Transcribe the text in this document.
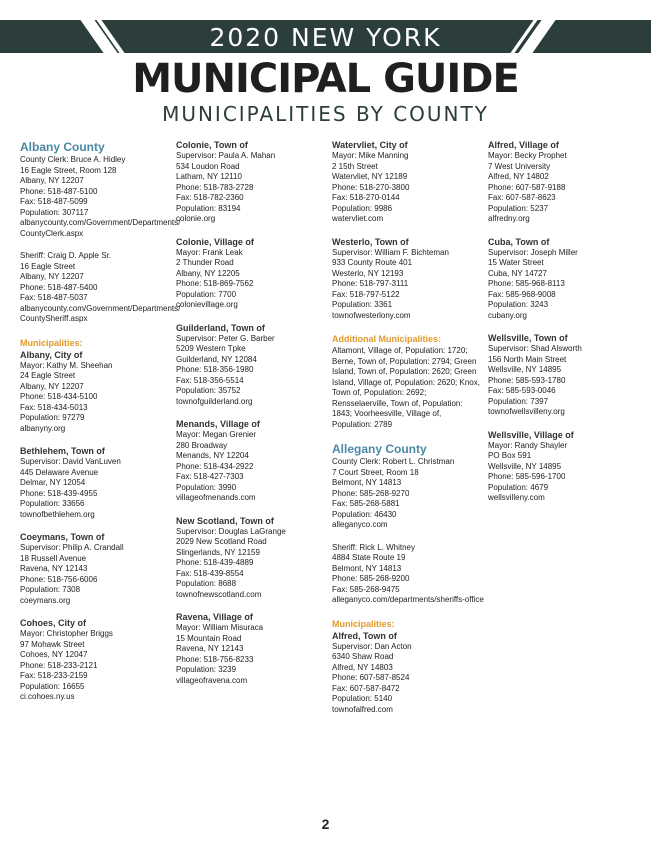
2020 NEW YORK
MUNICIPAL GUIDE
MUNICIPALITIES BY COUNTY
Albany County
County Clerk: Bruce A. Hidley
16 Eagle Street, Room 128
Albany, NY 12207
Phone: 518-487-5100
Fax: 518-487-5099
Population: 307117
albanycounty.com/Government/Departments/
CountyClerk.aspx
Sheriff: Craig D. Apple Sr.
16 Eagle Street
Albany, NY 12207
Phone: 518-487-5400
Fax: 518-487-5037
albanycounty.com/Government/Departments/
CountySheriff.aspx
Municipalities:
Albany, City of
Mayor: Kathy M. Sheehan
24 Eagle Street
Albany, NY 12207
Phone: 518-434-5100
Fax: 518-434-5013
Population: 97279
albanyny.org
Bethlehem, Town of
Supervisor: David VanLuven
445 Delaware Avenue
Delmar, NY 12054
Phone: 518-439-4955
Population: 33656
townofbethlehem.org
Coeymans, Town of
Supervisor: Philip A. Crandall
18 Russell Avenue
Ravena, NY 12143
Phone: 518-756-6006
Population: 7308
coeymans.org
Cohoes, City of
Mayor: Christopher Briggs
97 Mohawk Street
Cohoes, NY 12047
Phone: 518-233-2121
Fax: 518-233-2159
Population: 16655
ci.cohoes.ny.us
Colonie, Town of
Supervisor: Paula A. Mahan
534 Loudon Road
Latham, NY 12110
Phone: 518-783-2728
Fax: 518-782-2360
Population: 83194
colonie.org
Colonie, Village of
Mayor: Frank Leak
2 Thunder Road
Albany, NY 12205
Phone: 518-869-7562
Population: 7700
colonievillage.org
Guilderland, Town of
Supervisor: Peter G. Barber
5209 Western Tpke
Guilderland, NY 12084
Phone: 518-356-1980
Fax: 518-356-5514
Population: 35752
townofguilderland.org
Menands, Village of
Mayor: Megan Grenier
280 Broadway
Menands, NY 12204
Phone: 518-434-2922
Fax: 518-427-7303
Population: 3990
villageofmenands.com
New Scotland, Town of
Supervisor: Douglas LaGrange
2029 New Scotland Road
Slingerlands, NY 12159
Phone: 518-439-4889
Fax: 518-439-8554
Population: 8688
townofnewscotland.com
Ravena, Village of
Mayor: William Misuraca
15 Mountain Road
Ravena, NY 12143
Phone: 518-756-8233
Population: 3239
villageofravena.com
Watervliet, City of
Mayor: Mike Manning
2 15th Street
Watervliet, NY 12189
Phone: 518-270-3800
Fax: 518-270-0144
Population: 9986
watervliet.com
Westerlo, Town of
Supervisor: William F. Bichteman
933 County Route 401
Westerlo, NY 12193
Phone: 518-797-3111
Fax: 518-797-5122
Population: 3361
townofwesterlony.com
Additional Municipalities:
Altamont, Village of, Population: 1720; Berne, Town of, Population: 2794; Green Island, Town of, Population: 2620; Green Island, Village of, Population: 2620; Knox, Town of, Population: 2692; Rensselaerville, Town of, Population: 1843; Voorheesville, Village of, Population: 2789
Allegany County
County Clerk: Robert L. Christman
7 Court Street, Room 18
Belmont, NY 14813
Phone: 585-268-9270
Fax: 585-268-5881
Population: 46430
alleganyco.com
Sheriff: Rick L. Whitney
4884 State Route 19
Belmont, NY 14813
Phone: 585-268-9200
Fax: 585-268-9475
alleganyco.com/departments/sheriffs-office
Municipalities:
Alfred, Town of
Supervisor: Dan Acton
6340 Shaw Road
Alfred, NY 14803
Phone: 607-587-8524
Fax: 607-587-8472
Population: 5140
townofalfred.com
Alfred, Village of
Mayor: Becky Prophet
7 West University
Alfred, NY 14802
Phone: 607-587-9188
Fax: 607-587-8623
Population: 5237
alfredny.org
Cuba, Town of
Supervisor: Joseph Miller
15 Water Street
Cuba, NY 14727
Phone: 585-968-8113
Fax: 585-968-9008
Population: 3243
cubany.org
Wellsville, Town of
Supervisor: Shad Alsworth
156 North Main Street
Wellsville, NY 14895
Phone: 585-593-1780
Fax: 585-593-0046
Population: 7397
townofwellsvilleny.org
Wellsville, Village of
Mayor: Randy Shayler
PO Box 591
Wellsville, NY 14895
Phone: 585-596-1700
Population: 4679
wellsvilleny.com
2
